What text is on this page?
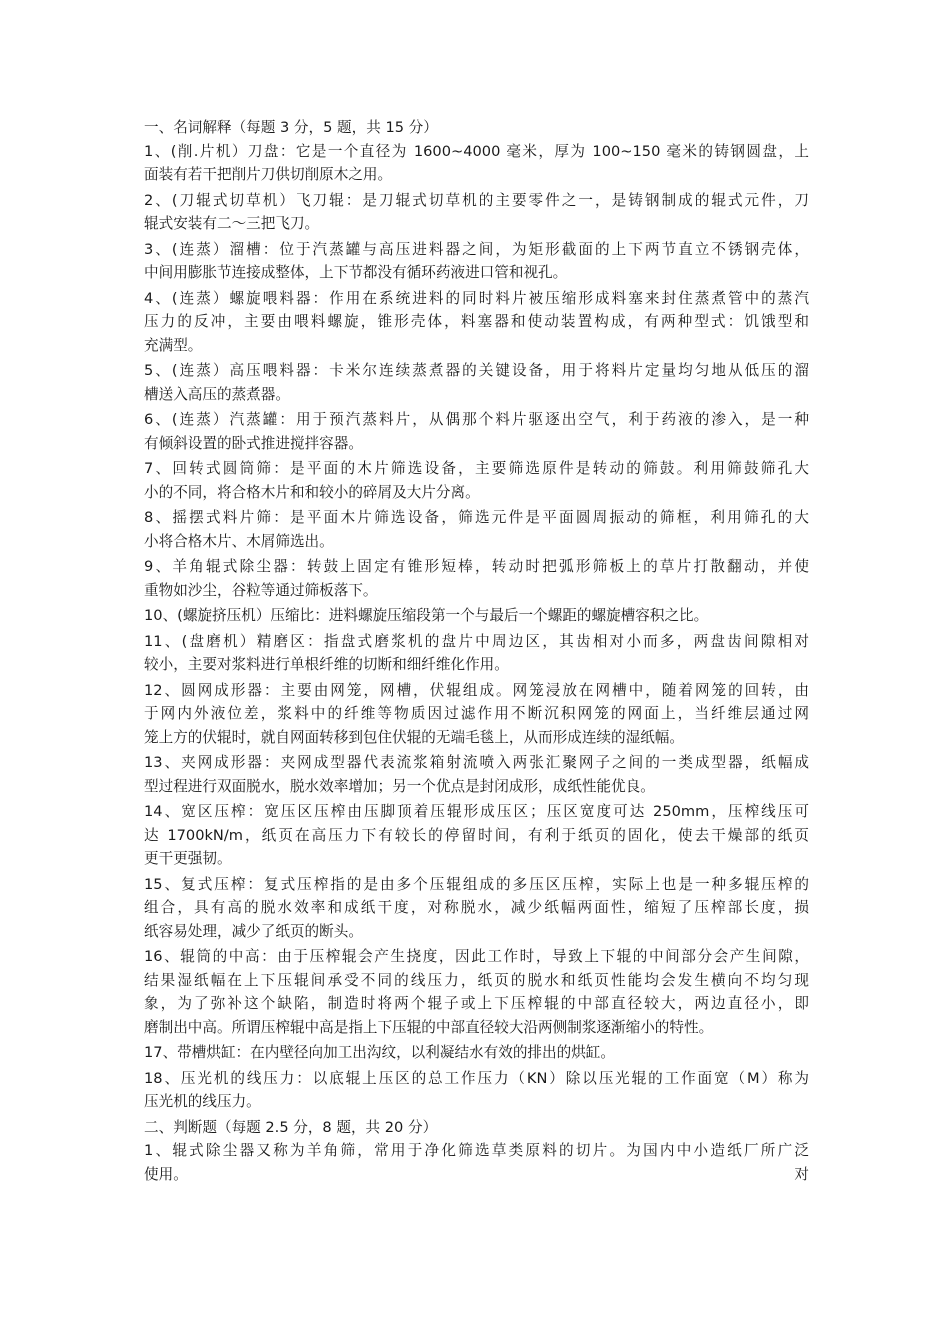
一、名词解释（每题 3 分，5 题，共 15 分）
1、(削.片机）刀盘：它是一个直径为 1600~4000 毫米，厚为 100~150 毫米的铸钢圆盘，上
面装有若干把削片刀供切削原木之用。
2、(刀辊式切草机）飞刀辊：是刀辊式切草机的主要零件之一，是铸钢制成的辊式元件，刀
辊式安装有二～三把飞刀。
3、(连蒸）溜槽：位于汽蒸罐与高压进料器之间，为矩形截面的上下两节直立不锈钢壳体，
中间用膨胀节连接成整体，上下节都没有循环药液进口管和视孔。
4、(连蒸）螺旋喂料器：作用在系统进料的同时料片被压缩形成料塞来封住蒸煮管中的蒸汽
压力的反冲，主要由喂料螺旋，锥形壳体，料塞器和使动装置构成，有两种型式：饥饿型和
充满型。
5、(连蒸）高压喂料器：卡米尔连续蒸煮器的关键设备，用于将料片定量均匀地从低压的溜
槽送入高压的蒸煮器。
6、(连蒸）汽蒸罐：用于预汽蒸料片，从偶那个料片驱逐出空气，利于药液的渗入，是一种
有倾斜设置的卧式推进搅拌容器。
7、回转式圆筒筛：是平面的木片筛选设备，主要筛选原件是转动的筛鼓。利用筛鼓筛孔大
小的不同，将合格木片和和较小的碎屑及大片分离。
8、摇摆式料片筛：是平面木片筛选设备，筛选元件是平面圆周振动的筛框，利用筛孔的大
小将合格木片、木屑筛选出。
9、羊角辊式除尘器：转鼓上固定有锥形短棒，转动时把弧形筛板上的草片打散翻动，并使
重物如沙尘，谷粒等通过筛板落下。
10、(螺旋挤压机）压缩比：进料螺旋压缩段第一个与最后一个螺距的螺旋槽容积之比。
11、(盘磨机）精磨区：指盘式磨浆机的盘片中周边区，其齿相对小而多，两盘齿间隙相对
较小，主要对浆料进行单根纤维的切断和细纤维化作用。
12、圆网成形器：主要由网笼，网槽，伏辊组成。网笼浸放在网槽中，随着网笼的回转，由
于网内外液位差，浆料中的纤维等物质因过滤作用不断沉积网笼的网面上，当纤维层通过网
笼上方的伏辊时，就自网面转移到包住伏辊的无端毛毯上，从而形成连续的湿纸幅。
13、夹网成形器：夹网成型器代表流浆箱射流喷入两张汇聚网子之间的一类成型器，纸幅成
型过程进行双面脱水，脱水效率增加；另一个优点是封闭成形，成纸性能优良。
14、宽区压榨：宽压区压榨由压脚顶着压辊形成压区；压区宽度可达 250mm，压榨线压可
达 1700kN/m，纸页在高压力下有较长的停留时间，有利于纸页的固化，使去干燥部的纸页
更干更强韧。
15、复式压榨：复式压榨指的是由多个压辊组成的多压区压榨，实际上也是一种多辊压榨的
组合，具有高的脱水效率和成纸干度，对称脱水，减少纸幅两面性，缩短了压榨部长度，损
纸容易处理，减少了纸页的断头。
16、辊筒的中高：由于压榨辊会产生挠度，因此工作时，导致上下辊的中间部分会产生间隙，
结果湿纸幅在上下压辊间承受不同的线压力，纸页的脱水和纸页性能均会发生横向不均匀现
象，为了弥补这个缺陷，制造时将两个辊子或上下压榨辊的中部直径较大，两边直径小，即
磨制出中高。所谓压榨辊中高是指上下压辊的中部直径较大沿两侧制浆逐渐缩小的特性。
17、带槽烘缸：在内壁径向加工出沟纹，以利凝结水有效的排出的烘缸。
18、压光机的线压力：以底辊上压区的总工作压力（KN）除以压光辊的工作面宽（M）称为
压光机的线压力。
二、判断题（每题 2.5 分，8 题，共 20 分）
1、辊式除尘器又称为羊角筛，常用于净化筛选草类原料的切片。为国内中小造纸厂所广泛
使用。	对
